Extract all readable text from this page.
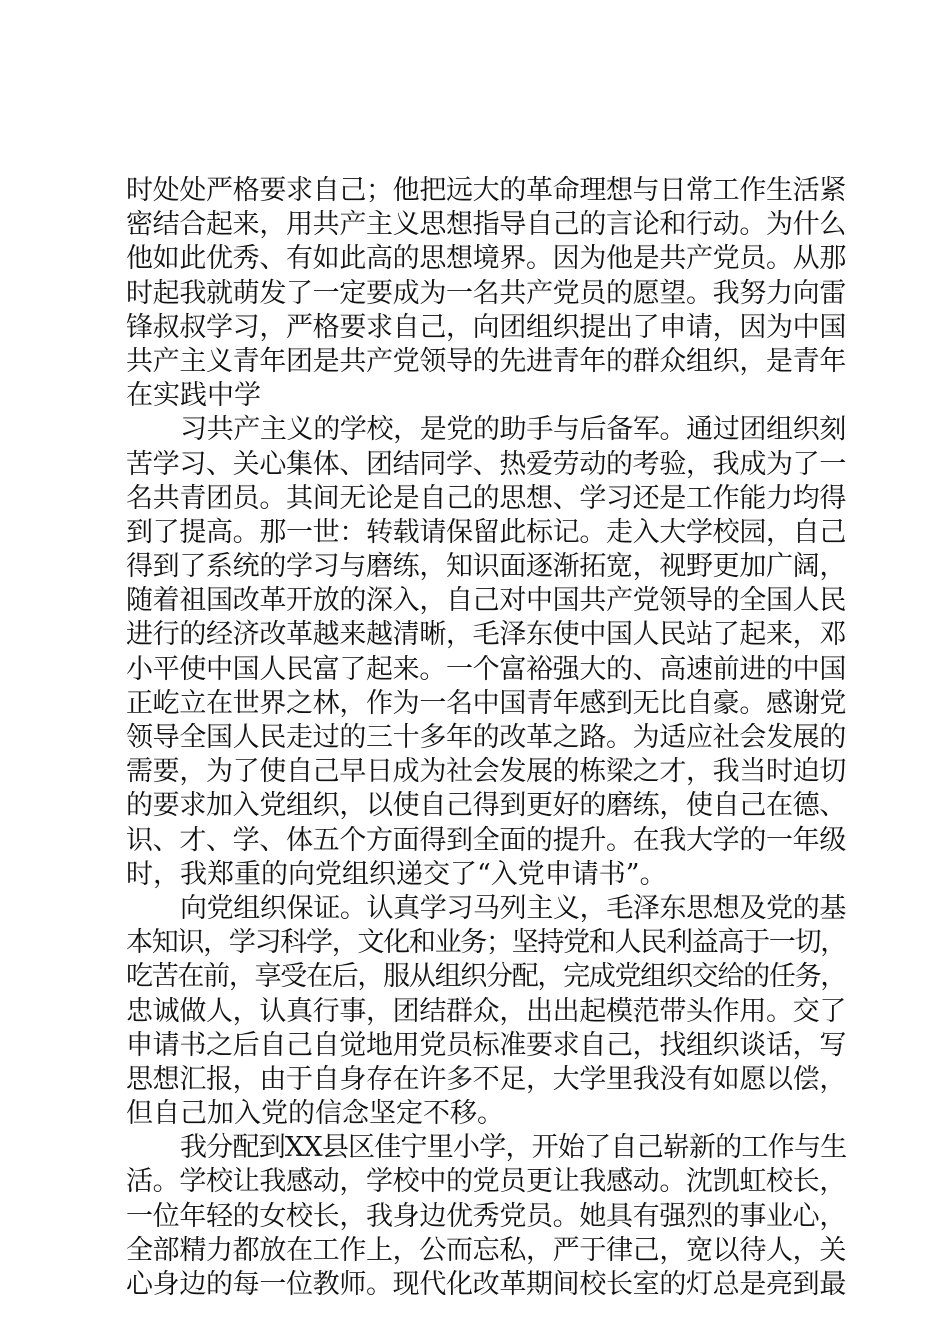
时处处严格要求自己；他把远大的革命理想与日常工作生活紧
密结合起来，用共产主义思想指导自己的言论和行动。为什么
他如此优秀、有如此高的思想境界。因为他是共产党员。从那
时起我就萌发了一定要成为一名共产党员的愿望。我努力向雷
锋叔叔学习，严格要求自己，向团组织提出了申请，因为中国
共产主义青年团是共产党领导的先进青年的群众组织，是青年
在实践中学
习共产主义的学校，是党的助手与后备军。通过团组织刻
苦学习、关心集体、团结同学、热爱劳动的考验，我成为了一
名共青团员。其间无论是自己的思想、学习还是工作能力均得
到了提高。那一世：转载请保留此标记。走入大学校园，自己
得到了系统的学习与磨练，知识面逐渐拓宽，视野更加广阔，
随着祖国改革开放的深入，自己对中国共产党领导的全国人民
进行的经济改革越来越清晰，毛泽东使中国人民站了起来，邓
小平使中国人民富了起来。一个富裕强大的、高速前进的中国
正屹立在世界之林，作为一名中国青年感到无比自豪。感谢党
领导全国人民走过的三十多年的改革之路。为适应社会发展的
需要，为了使自己早日成为社会发展的栋梁之才，我当时迫切
的要求加入党组织，以使自己得到更好的磨练，使自己在德、
识、才、学、体五个方面得到全面的提升。在我大学的一年级
时，我郑重的向党组织递交了“入党申请书”。
向党组织保证。认真学习马列主义，毛泽东思想及党的基
本知识，学习科学，文化和业务；坚持党和人民利益高于一切，
吃苦在前，享受在后，服从组织分配，完成党组织交给的任务，
忠诚做人，认真行事，团结群众，出出起模范带头作用。交了
申请书之后自己自觉地用党员标准要求自己，找组织谈话，写
思想汇报，由于自身存在许多不足，大学里我没有如愿以偿，
但自己加入党的信念坚定不移。
我分配到XX县区佳宁里小学，开始了自己崭新的工作与生
活。学校让我感动，学校中的党员更让我感动。沈凯虹校长，
一位年轻的女校长，我身边优秀党员。她具有强烈的事业心，
全部精力都放在工作上，公而忘私，严于律己，宽以待人，关
心身边的每一位教师。现代化改革期间校长室的灯总是亮到最
